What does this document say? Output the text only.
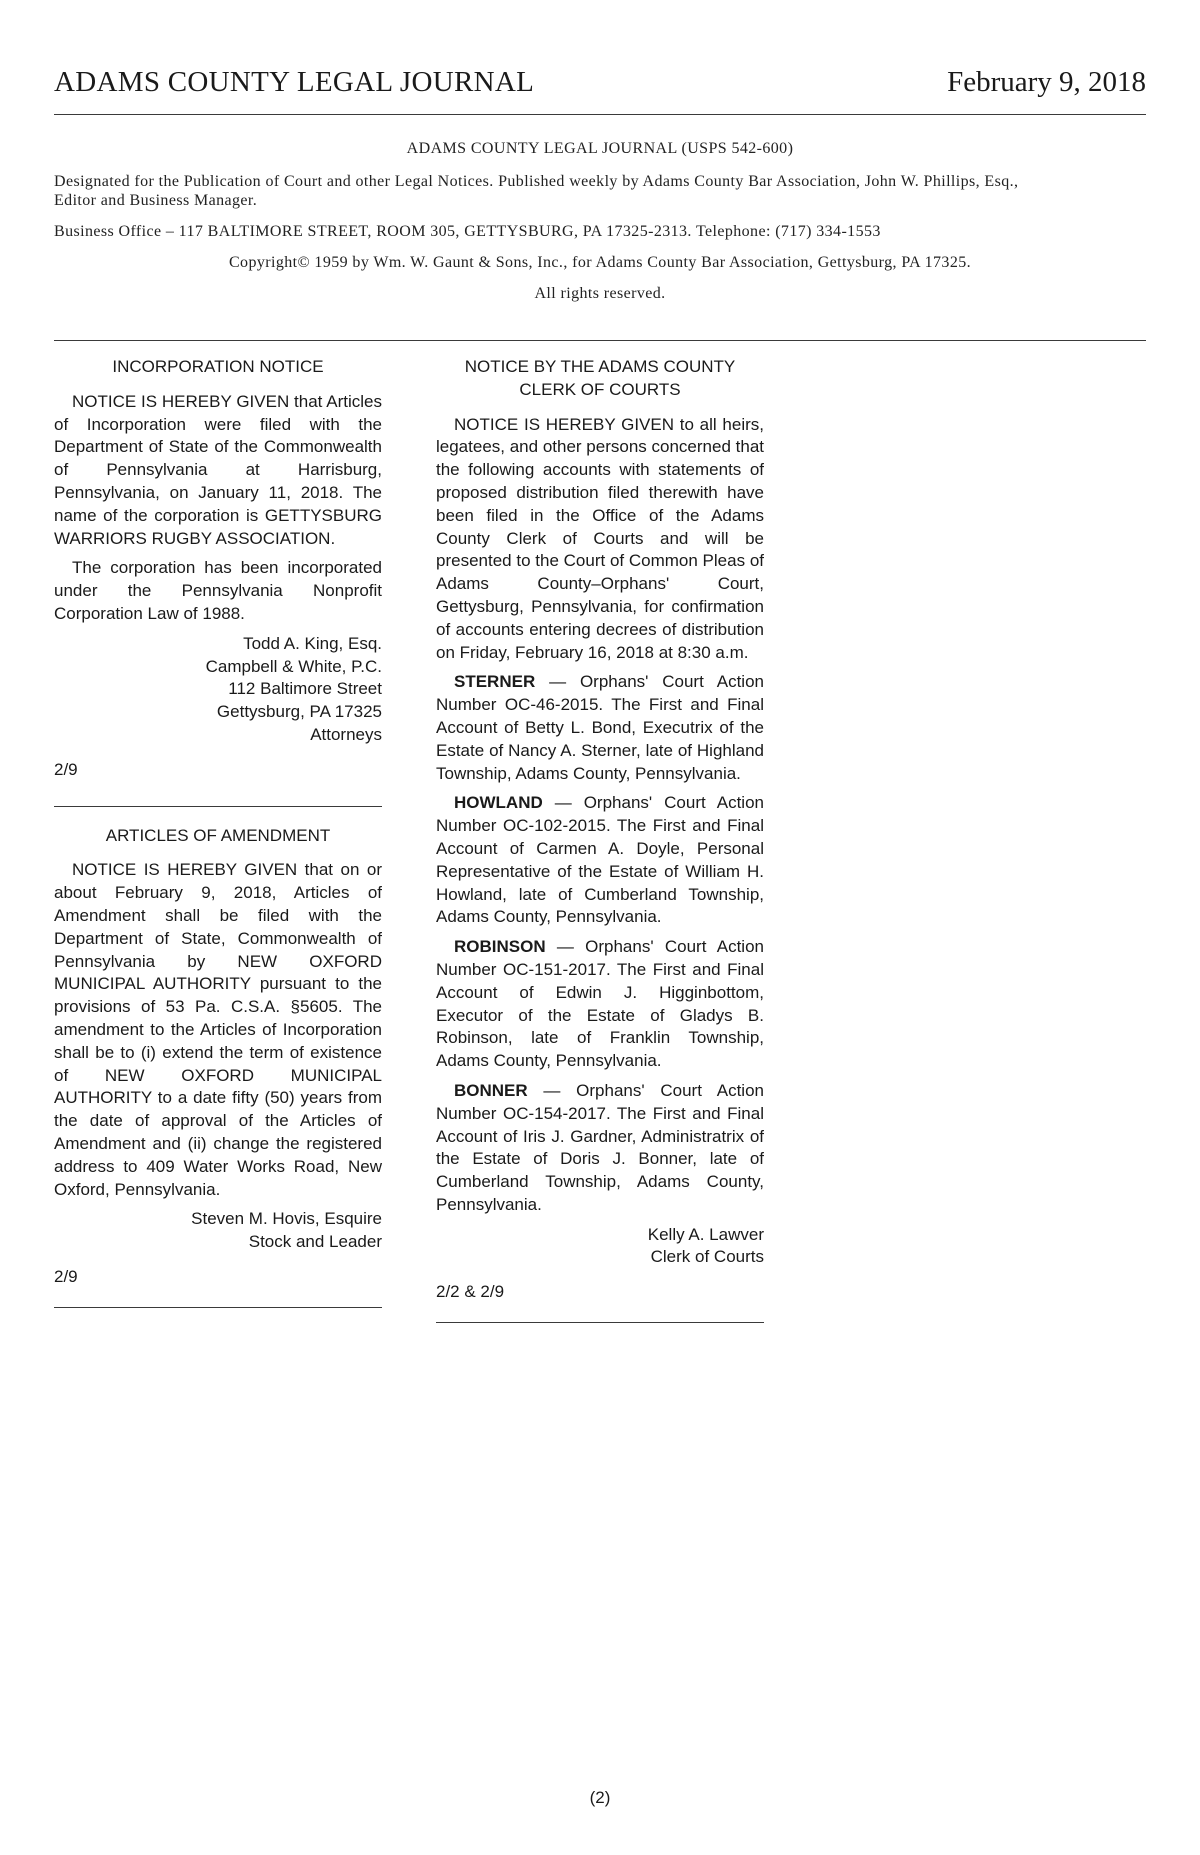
ADAMS COUNTY LEGAL JOURNAL	February 9, 2018

ADAMS COUNTY LEGAL JOURNAL (USPS 542-600)

Designated for the Publication of Court and other Legal Notices. Published weekly by Adams County Bar Association, John W. Phillips, Esq., Editor and Business Manager.

Business Office – 117 BALTIMORE STREET, ROOM 305, GETTYSBURG, PA 17325-2313. Telephone: (717) 334-1553

Copyright© 1959 by Wm. W. Gaunt & Sons, Inc., for Adams County Bar Association, Gettysburg, PA 17325.

All rights reserved.

INCORPORATION NOTICE

NOTICE IS HEREBY GIVEN that Articles of Incorporation were filed with the Department of State of the Commonwealth of Pennsylvania at Harrisburg, Pennsylvania, on January 11, 2018. The name of the corporation is GETTYSBURG WARRIORS RUGBY ASSOCIATION.

The corporation has been incorporated under the Pennsylvania Nonprofit Corporation Law of 1988.

Todd A. King, Esq.

Campbell & White, P.C.

112 Baltimore Street

Gettysburg, PA 17325

Attorneys

2/9

ARTICLES OF AMENDMENT

NOTICE IS HEREBY GIVEN that on or about February 9, 2018, Articles of Amendment shall be filed with the Department of State, Commonwealth of Pennsylvania by NEW OXFORD MUNICIPAL AUTHORITY pursuant to the provisions of 53 Pa. C.S.A. §5605. The amendment to the Articles of Incorporation shall be to (i) extend the term of existence of NEW OXFORD MUNICIPAL AUTHORITY to a date fifty (50) years from the date of approval of the Articles of Amendment and (ii) change the registered address to 409 Water Works Road, New Oxford, Pennsylvania.

Steven M. Hovis, Esquire

Stock and Leader

2/9

NOTICE BY THE ADAMS COUNTY
CLERK OF COURTS

NOTICE IS HEREBY GIVEN to all heirs, legatees, and other persons concerned that the following accounts with statements of proposed distribution filed therewith have been filed in the Office of the Adams County Clerk of Courts and will be presented to the Court of Common Pleas of Adams County–Orphans' Court, Gettysburg, Pennsylvania, for confirmation of accounts entering decrees of distribution on Friday, February 16, 2018 at 8:30 a.m.

STERNER — Orphans' Court Action Number OC-46-2015. The First and Final Account of Betty L. Bond, Executrix of the Estate of Nancy A. Sterner, late of Highland Township, Adams County, Pennsylvania.

HOWLAND — Orphans' Court Action Number OC-102-2015. The First and Final Account of Carmen A. Doyle, Personal Representative of the Estate of William H. Howland, late of Cumberland Township, Adams County, Pennsylvania.

ROBINSON — Orphans' Court Action Number OC-151-2017. The First and Final Account of Edwin J. Higginbottom, Executor of the Estate of Gladys B. Robinson, late of Franklin Township, Adams County, Pennsylvania.

BONNER — Orphans' Court Action Number OC-154-2017. The First and Final Account of Iris J. Gardner, Administratrix of the Estate of Doris J. Bonner, late of Cumberland Township, Adams County, Pennsylvania.

Kelly A. Lawver

Clerk of Courts

2/2 & 2/9

(2)
